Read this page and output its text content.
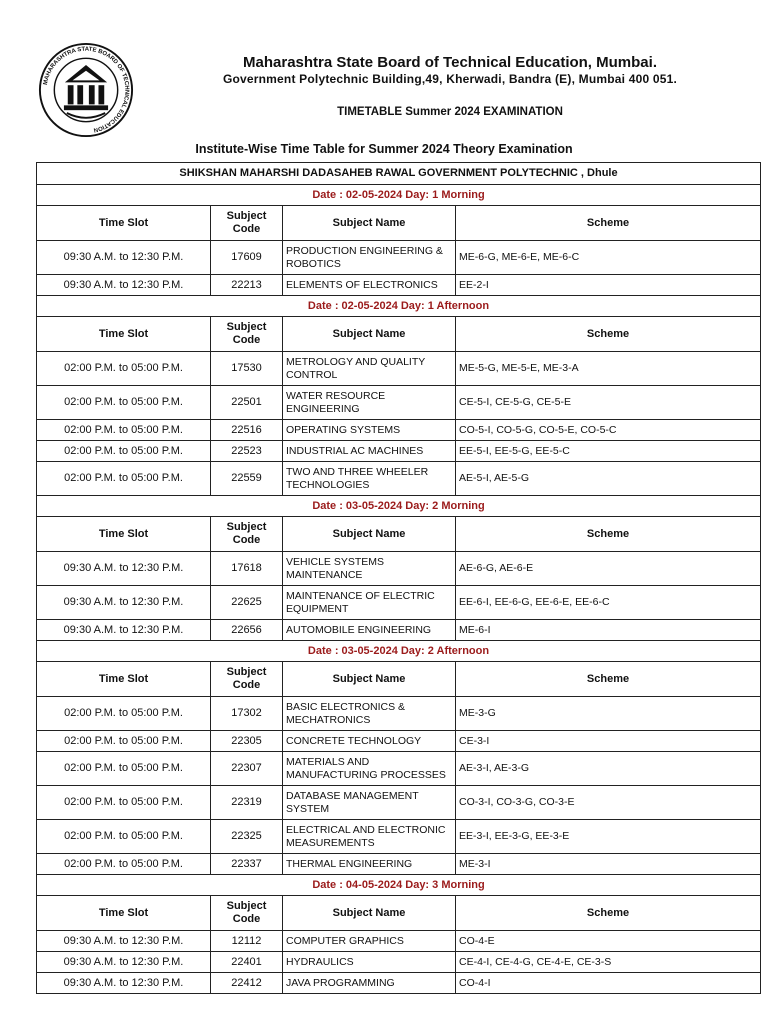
MAHARASHTRA STATE BOARD OF TECHNICAL EDUCATION
Maharashtra State Board of Technical Education, Mumbai.
Government Polytechnic Building,49, Kherwadi, Bandra (E), Mumbai 400 051.
TIMETABLE Summer 2024 EXAMINATION
Institute-Wise Time Table for Summer 2024 Theory Examination
SHIKSHAN MAHARSHI DADASAHEB RAWAL GOVERNMENT POLYTECHNIC , Dhule			
Date : 02-05-2024 Day: 1 Morning			
Time Slot	Subject Code	Subject Name	Scheme
09:30 A.M. to 12:30 P.M.	17609	PRODUCTION ENGINEERING & ROBOTICS	ME-6-G, ME-6-E, ME-6-C
09:30 A.M. to 12:30 P.M.	22213	ELEMENTS OF ELECTRONICS	EE-2-I
Date : 02-05-2024 Day: 1 Afternoon			
Time Slot	Subject Code	Subject Name	Scheme
02:00 P.M. to 05:00 P.M.	17530	METROLOGY AND QUALITY CONTROL	ME-5-G, ME-5-E, ME-3-A
02:00 P.M. to 05:00 P.M.	22501	WATER RESOURCE ENGINEERING	CE-5-I, CE-5-G, CE-5-E
02:00 P.M. to 05:00 P.M.	22516	OPERATING SYSTEMS	CO-5-I, CO-5-G, CO-5-E, CO-5-C
02:00 P.M. to 05:00 P.M.	22523	INDUSTRIAL AC MACHINES	EE-5-I, EE-5-G, EE-5-C
02:00 P.M. to 05:00 P.M.	22559	TWO AND THREE WHEELER TECHNOLOGIES	AE-5-I, AE-5-G
Date : 03-05-2024 Day: 2 Morning			
Time Slot	Subject Code	Subject Name	Scheme
09:30 A.M. to 12:30 P.M.	17618	VEHICLE SYSTEMS MAINTENANCE	AE-6-G, AE-6-E
09:30 A.M. to 12:30 P.M.	22625	MAINTENANCE OF ELECTRIC EQUIPMENT	EE-6-I, EE-6-G, EE-6-E, EE-6-C
09:30 A.M. to 12:30 P.M.	22656	AUTOMOBILE ENGINEERING	ME-6-I
Date : 03-05-2024 Day: 2 Afternoon			
Time Slot	Subject Code	Subject Name	Scheme
02:00 P.M. to 05:00 P.M.	17302	BASIC ELECTRONICS & MECHATRONICS	ME-3-G
02:00 P.M. to 05:00 P.M.	22305	CONCRETE TECHNOLOGY	CE-3-I
02:00 P.M. to 05:00 P.M.	22307	MATERIALS AND MANUFACTURING PROCESSES	AE-3-I, AE-3-G
02:00 P.M. to 05:00 P.M.	22319	DATABASE MANAGEMENT SYSTEM	CO-3-I, CO-3-G, CO-3-E
02:00 P.M. to 05:00 P.M.	22325	ELECTRICAL AND ELECTRONIC MEASUREMENTS	EE-3-I, EE-3-G, EE-3-E
02:00 P.M. to 05:00 P.M.	22337	THERMAL ENGINEERING	ME-3-I
Date : 04-05-2024 Day: 3 Morning			
Time Slot	Subject Code	Subject Name	Scheme
09:30 A.M. to 12:30 P.M.	12112	COMPUTER GRAPHICS	CO-4-E
09:30 A.M. to 12:30 P.M.	22401	HYDRAULICS	CE-4-I, CE-4-G, CE-4-E, CE-3-S
09:30 A.M. to 12:30 P.M.	22412	JAVA PROGRAMMING	CO-4-I
